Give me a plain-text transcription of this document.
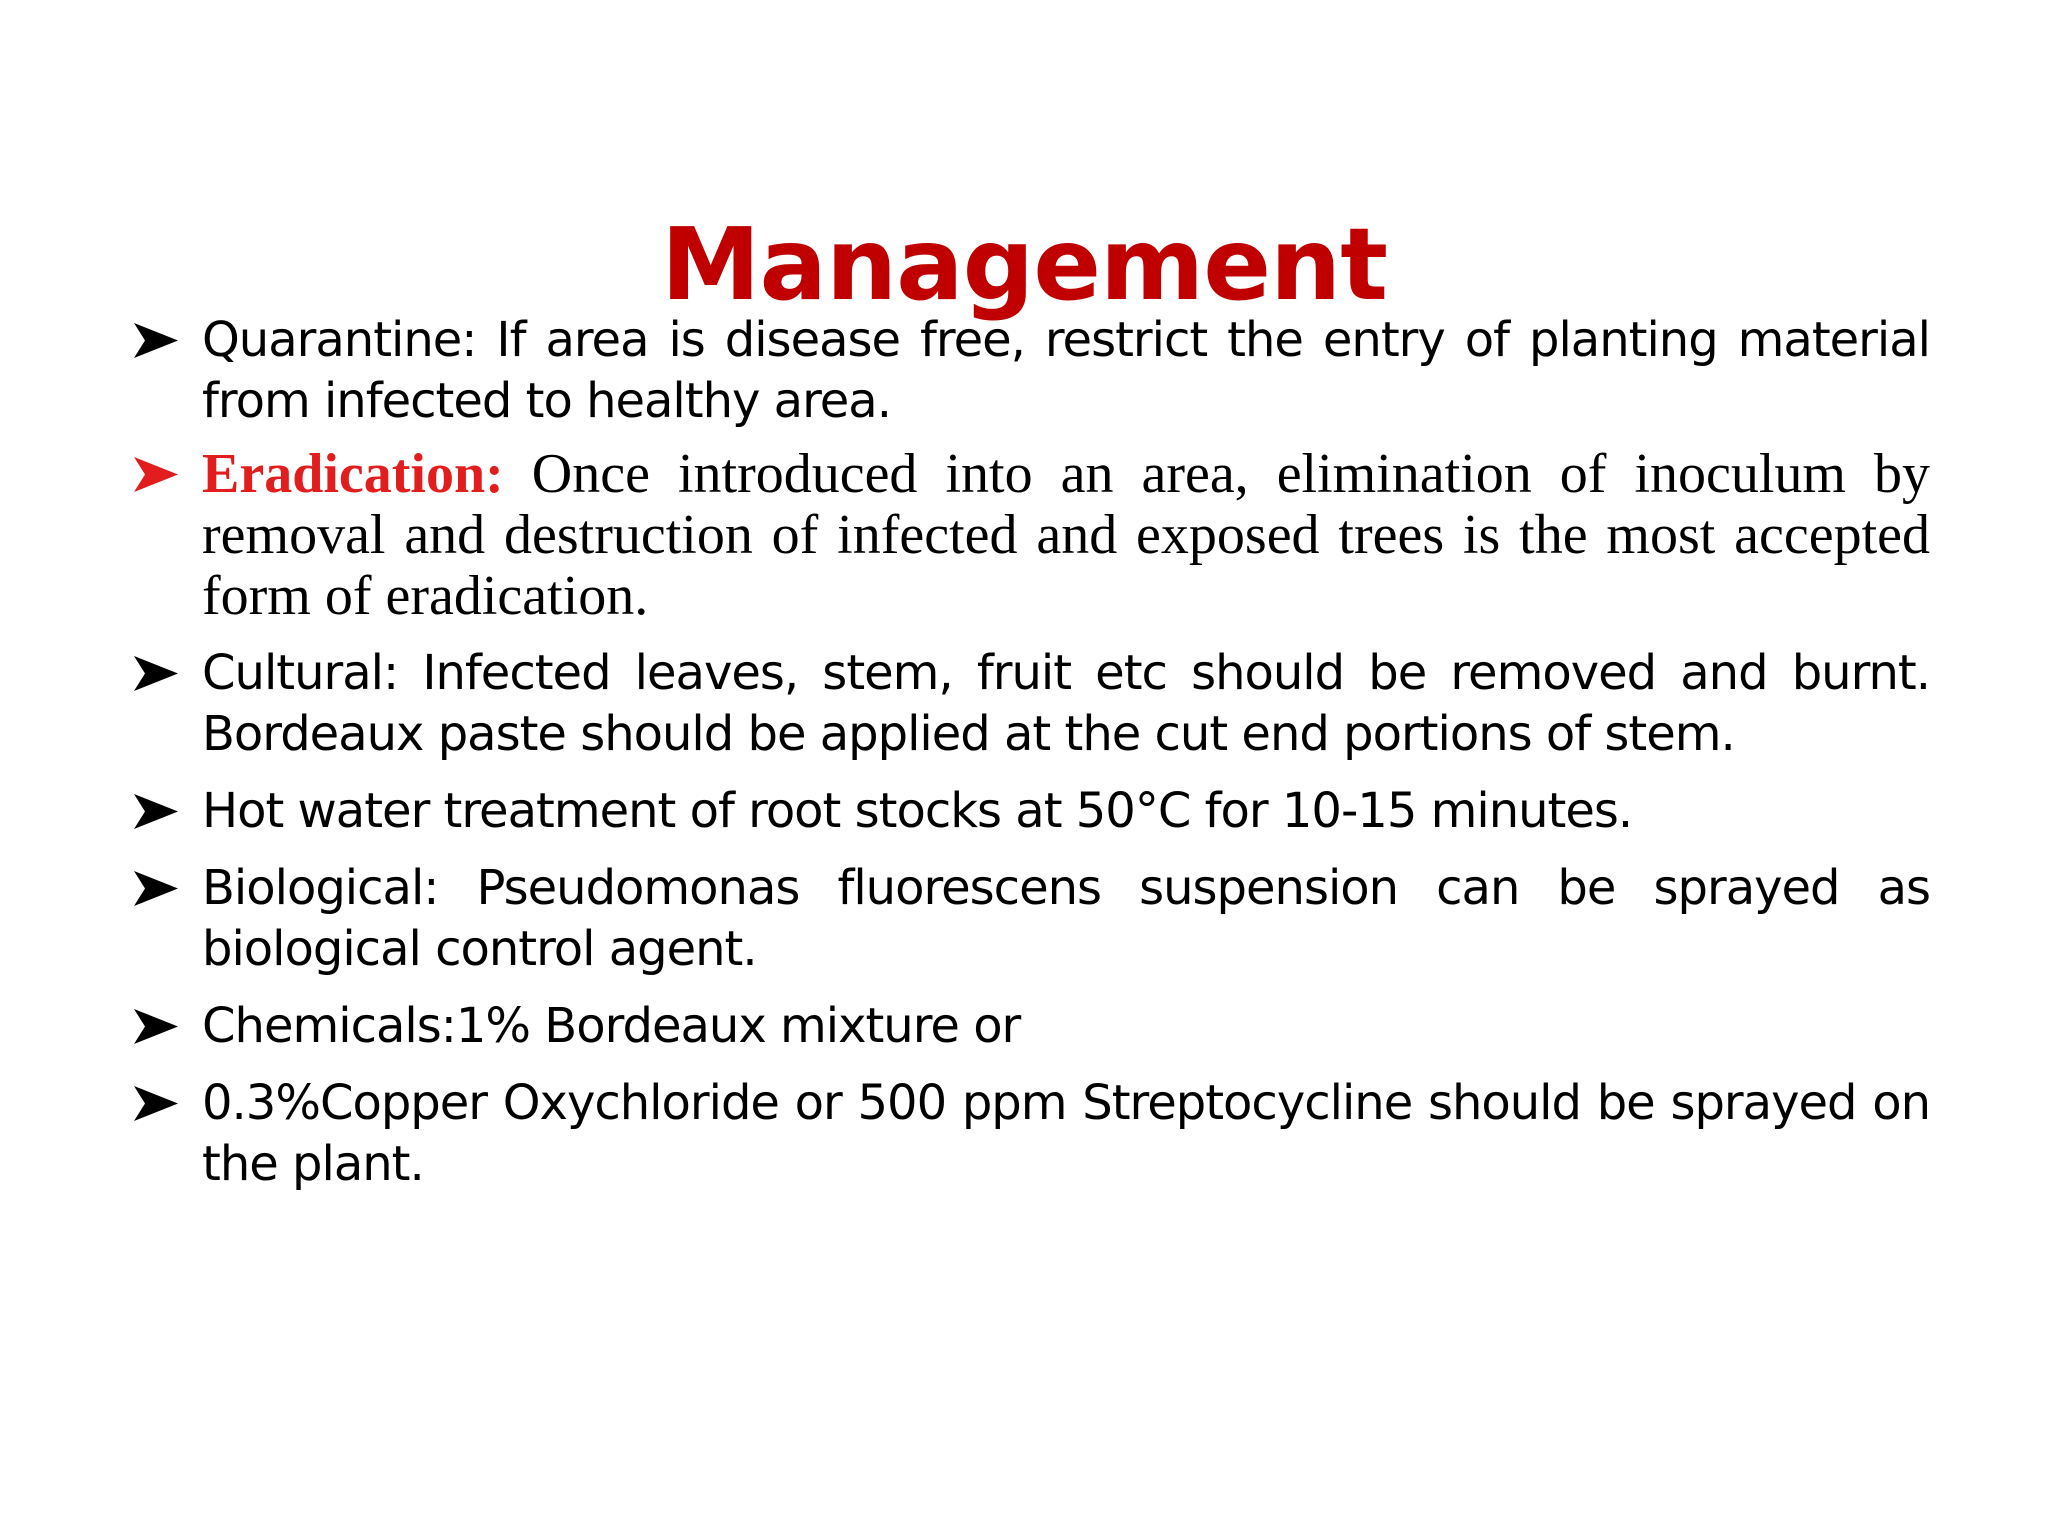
Management
Quarantine: If area is disease free, restrict the entry of planting material from infected to healthy area.
Eradication: Once introduced into an area, elimination of inoculum by removal and destruction of infected and exposed trees is the most accepted form of eradication.
Cultural: Infected leaves, stem, fruit etc should be removed and burnt. Bordeaux paste should be applied at the cut end portions of stem.
Hot water treatment of root stocks at 50°C for 10-15 minutes.
Biological: Pseudomonas fluorescens suspension can be sprayed as biological control agent.
Chemicals:1% Bordeaux mixture or
0.3%Copper Oxychloride or 500 ppm Streptocycline should be sprayed on the plant.
